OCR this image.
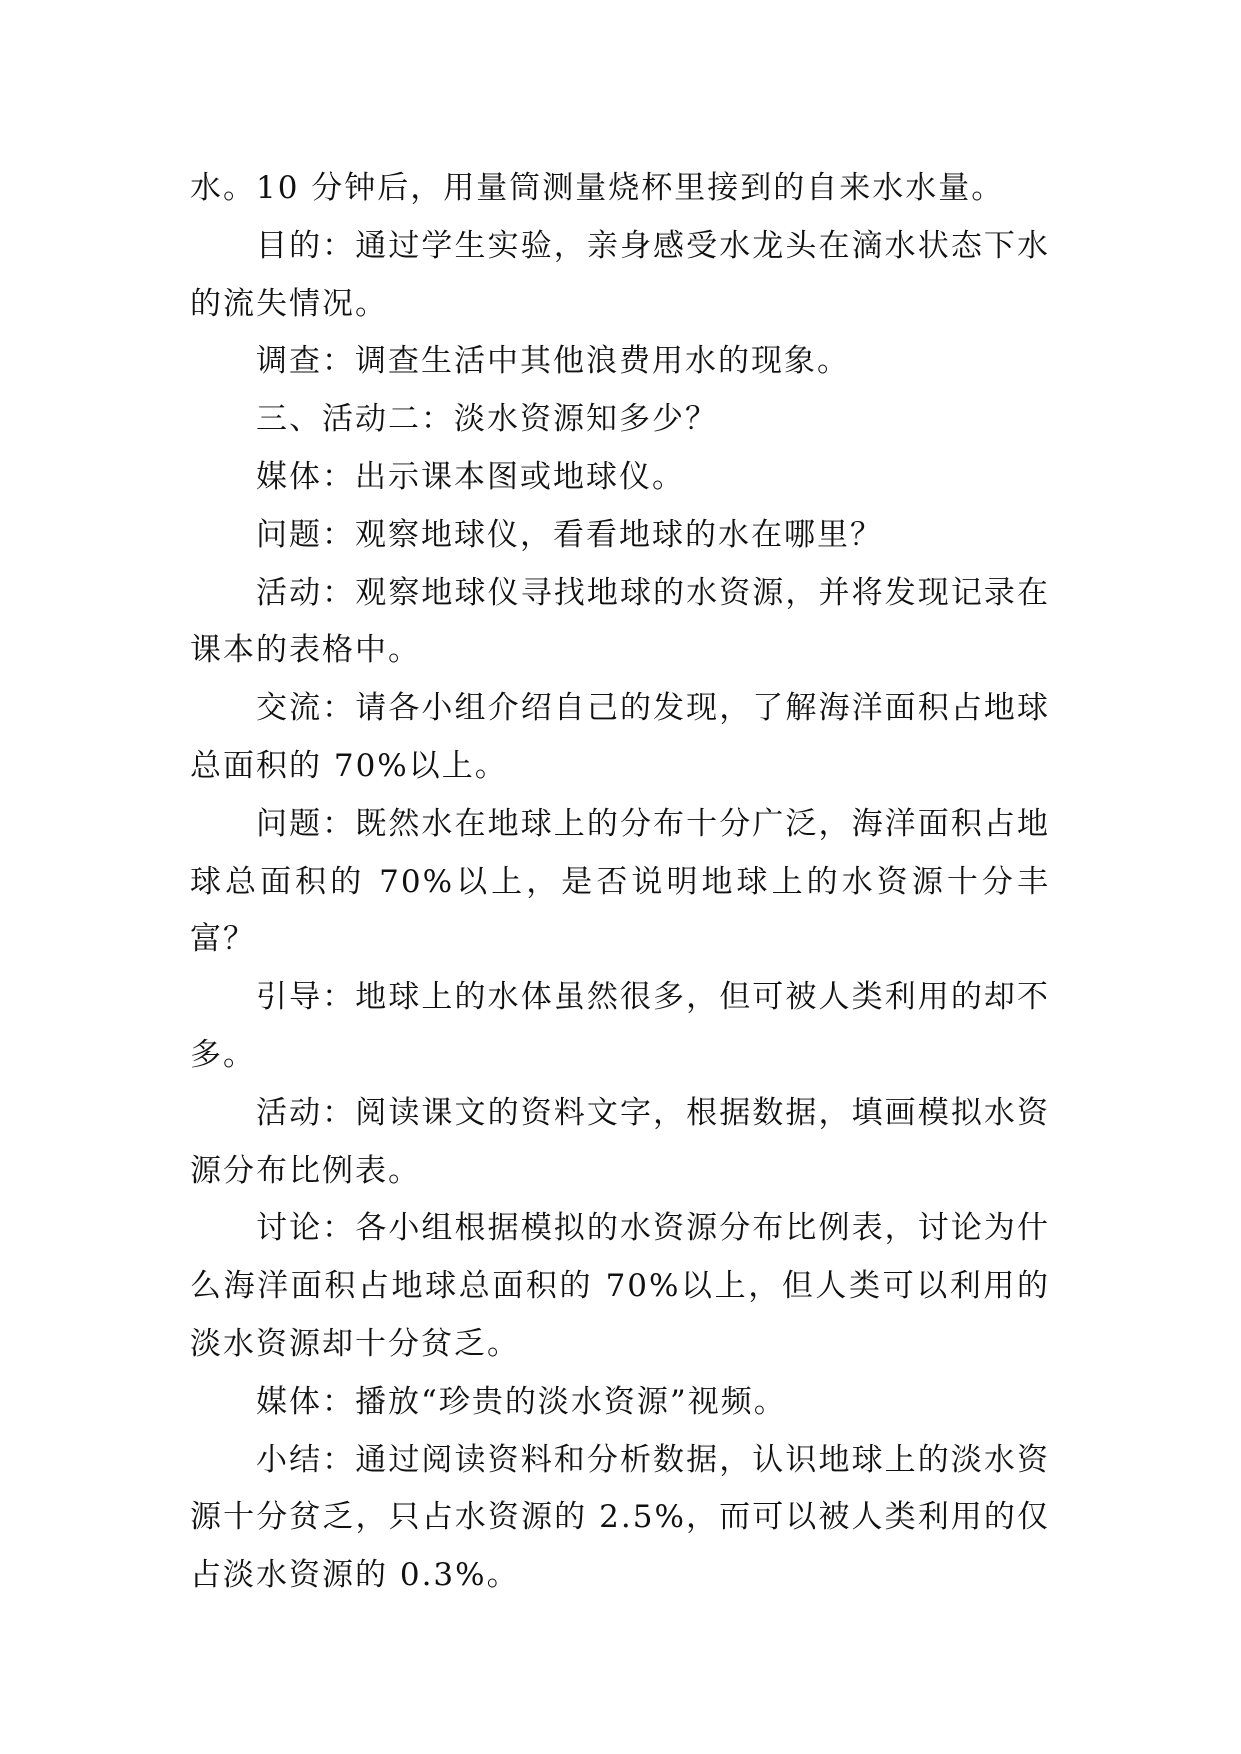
水。10 分钟后，用量筒测量烧杯里接到的自来水水量。

目的：通过学生实验，亲身感受水龙头在滴水状态下水的流失情况。

调查：调查生活中其他浪费用水的现象。

三、活动二：淡水资源知多少？

媒体：出示课本图或地球仪。

问题：观察地球仪，看看地球的水在哪里？

活动：观察地球仪寻找地球的水资源，并将发现记录在课本的表格中。

交流：请各小组介绍自己的发现，了解海洋面积占地球总面积的 70%以上。

问题：既然水在地球上的分布十分广泛，海洋面积占地球总面积的 70%以上，是否说明地球上的水资源十分丰富？

引导：地球上的水体虽然很多，但可被人类利用的却不多。

活动：阅读课文的资料文字，根据数据，填画模拟水资源分布比例表。

讨论：各小组根据模拟的水资源分布比例表，讨论为什么海洋面积占地球总面积的 70%以上，但人类可以利用的淡水资源却十分贫乏。

媒体：播放“珍贵的淡水资源”视频。

小结：通过阅读资料和分析数据，认识地球上的淡水资源十分贫乏，只占水资源的 2.5%，而可以被人类利用的仅占淡水资源的 0.3%。
